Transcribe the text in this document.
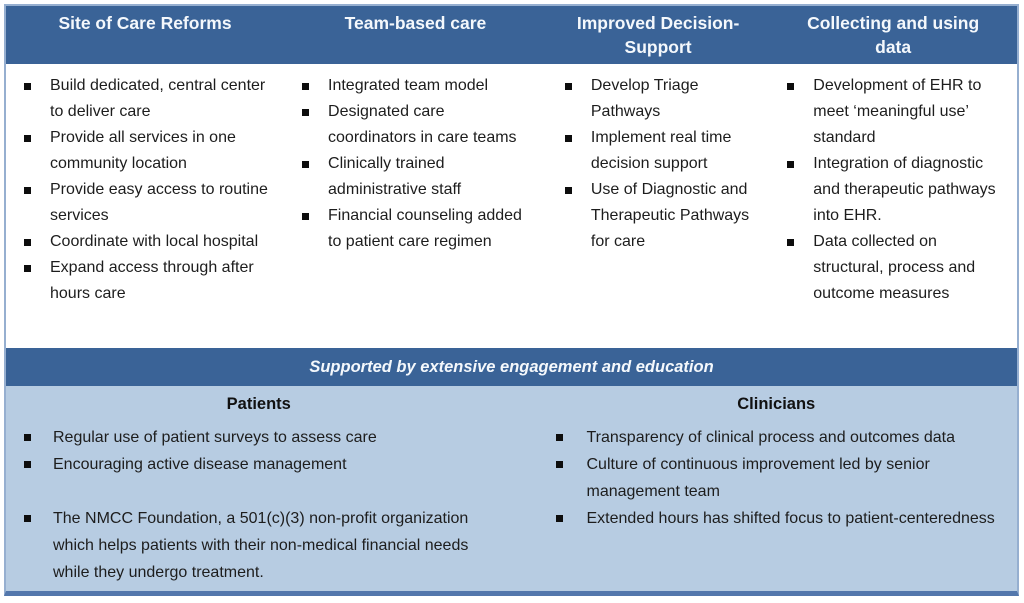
Site of Care Reforms	Team-based care	Improved Decision-Support
Collecting and using data
Build dedicated, central center to deliver care
Provide all services in one community location
Provide easy access to routine services
Coordinate with local hospital
Expand access through after hours care
Integrated team model
Designated care coordinators in care teams
Clinically trained administrative staff
Financial counseling added to patient care regimen
Develop Triage Pathways
Implement real time decision support
Use of Diagnostic and Therapeutic Pathways for care
Development of EHR to meet ‘meaningful use’ standard
Integration of diagnostic and therapeutic pathways into EHR.
Data collected on structural, process and outcome measures
Supported by extensive engagement and education
Patients
Regular use of patient surveys to assess care
Encouraging active disease management
The NMCC Foundation, a 501(c)(3) non-profit organization which helps patients with their non-medical financial needs while they undergo treatment.
Clinicians
Transparency of clinical process and outcomes data
Culture of continuous improvement led by senior management team
Extended hours has shifted focus to patient-centeredness
